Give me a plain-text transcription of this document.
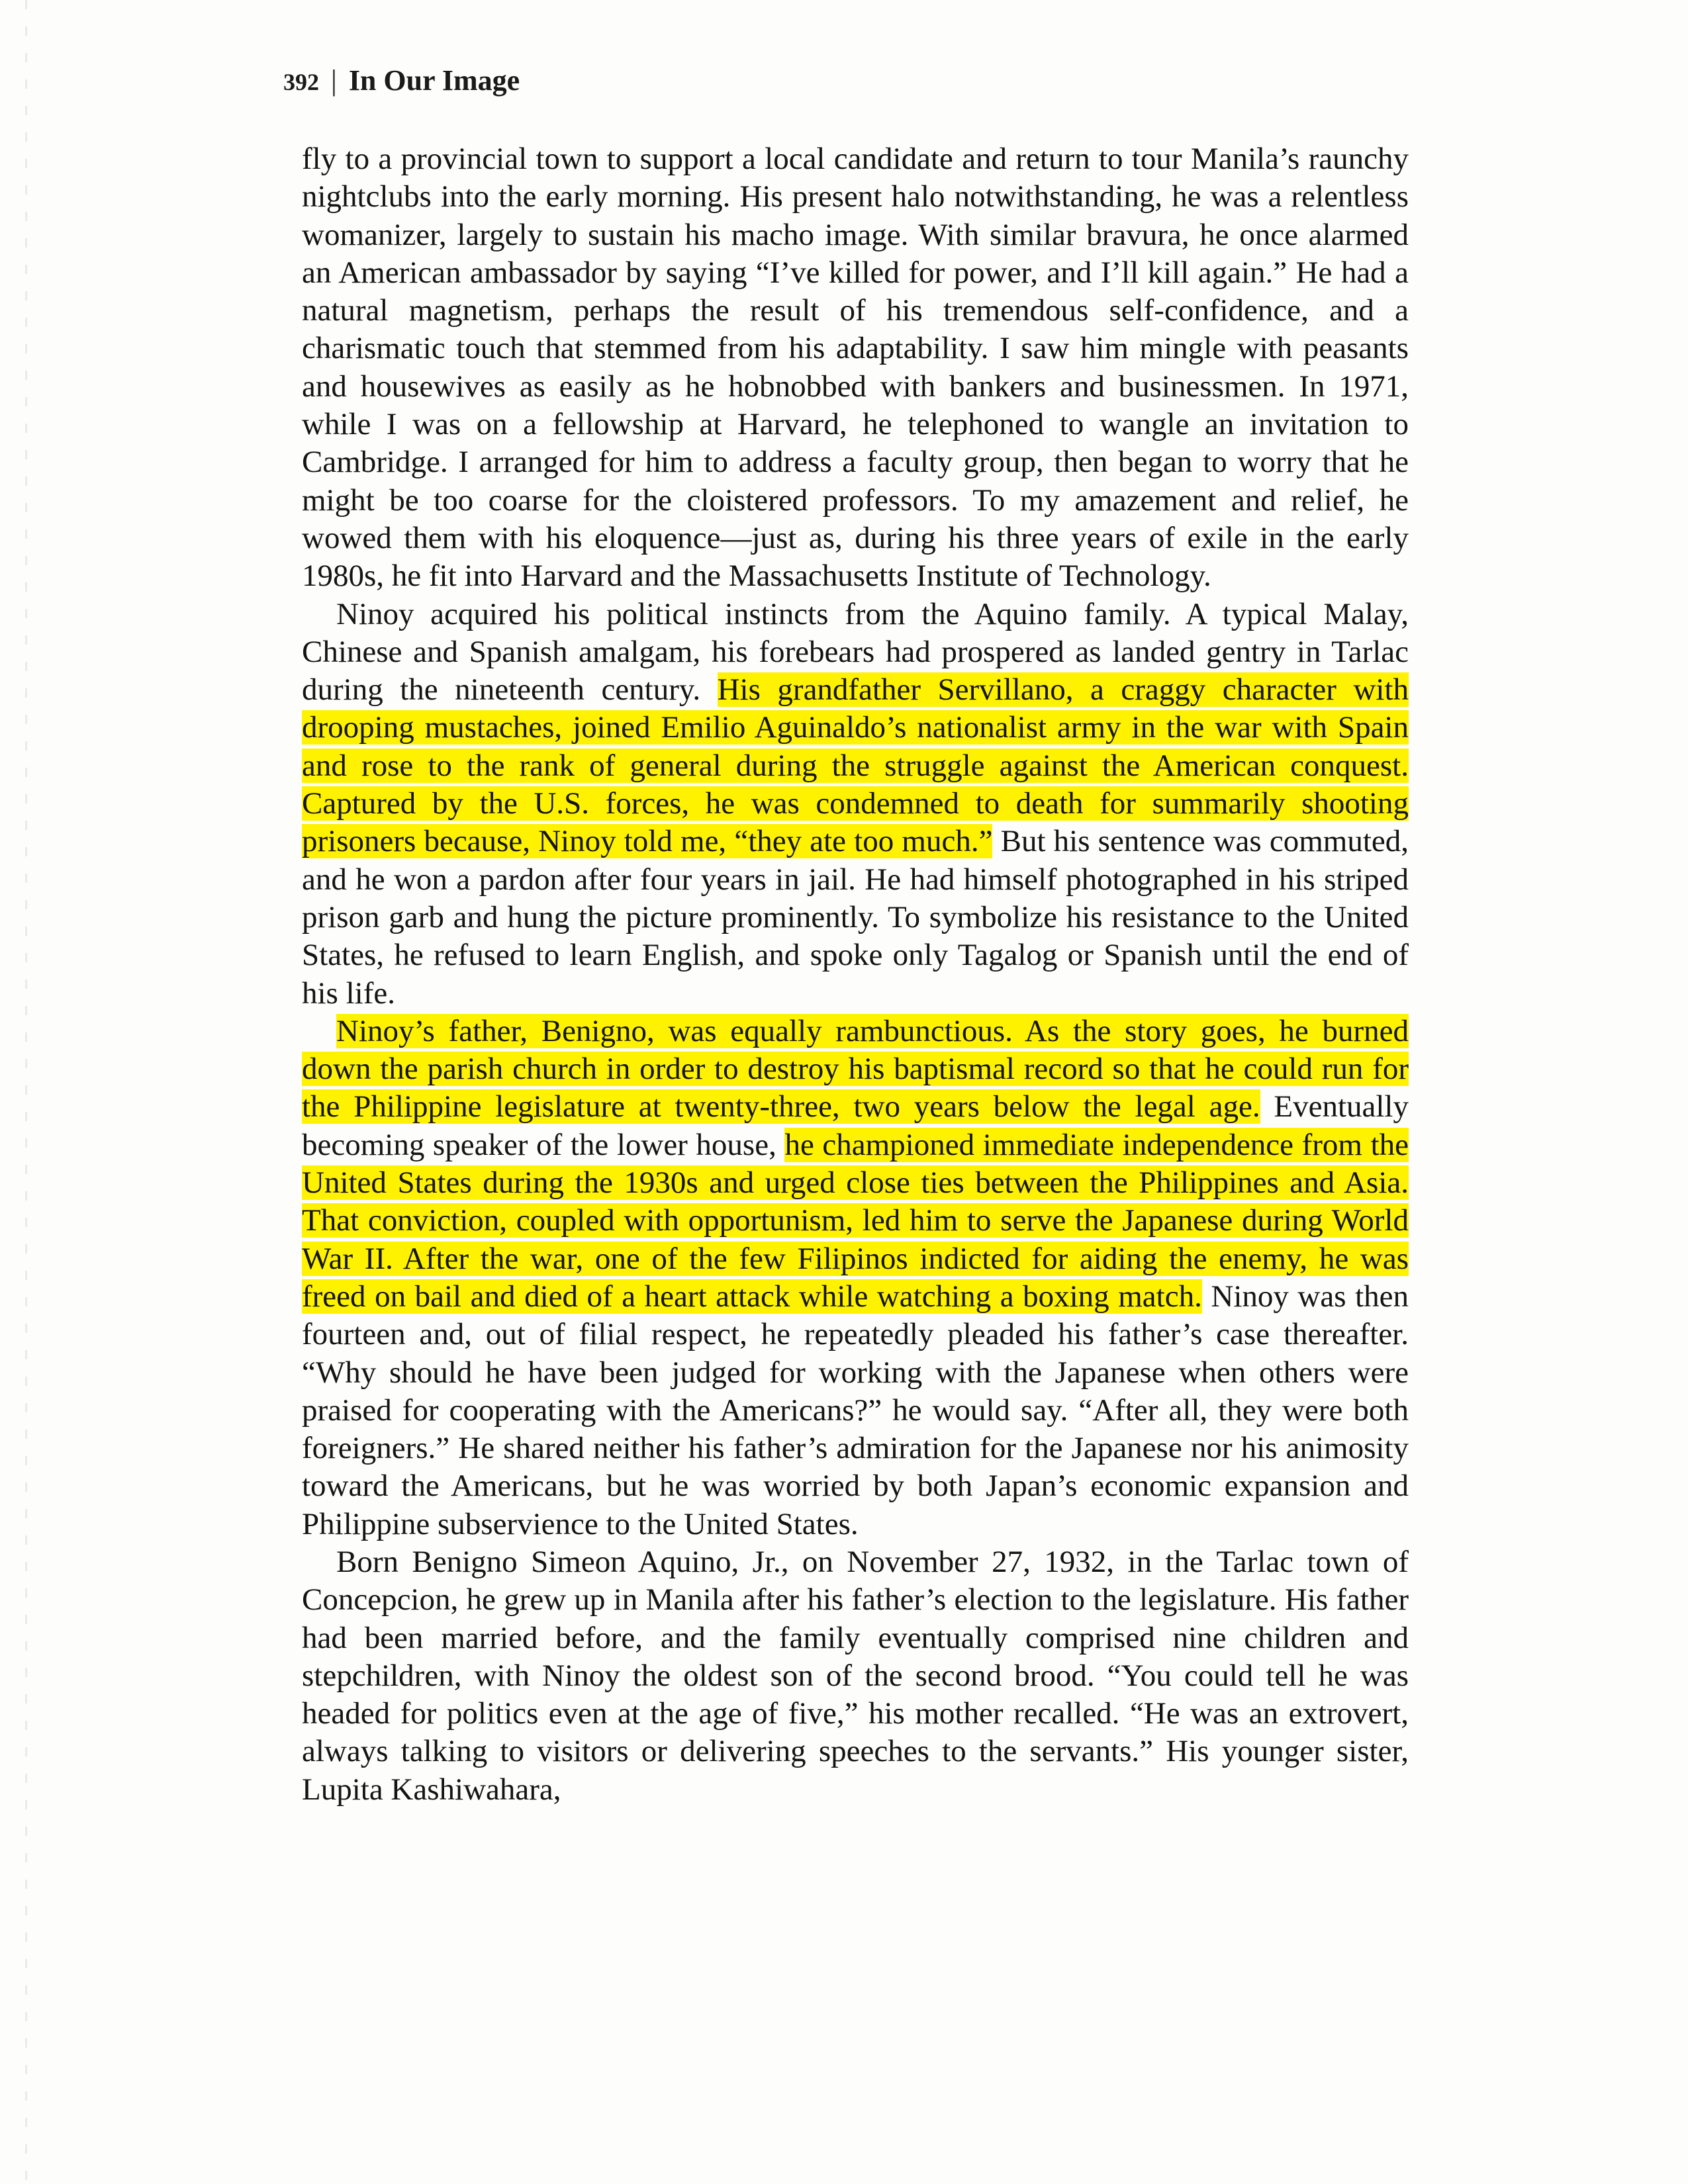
392 | In Our Image

fly to a provincial town to support a local candidate and return to tour Manila’s raunchy nightclubs into the early morning. His present halo notwithstanding, he was a relentless womanizer, largely to sustain his macho image. With similar bravura, he once alarmed an American ambassador by saying “I’ve killed for power, and I’ll kill again.” He had a natural magnetism, perhaps the result of his tremendous self-confidence, and a charismatic touch that stemmed from his adaptability. I saw him mingle with peasants and housewives as easily as he hobnobbed with bankers and businessmen. In 1971, while I was on a fellowship at Harvard, he telephoned to wangle an invitation to Cambridge. I arranged for him to address a faculty group, then began to worry that he might be too coarse for the cloistered professors. To my amazement and relief, he wowed them with his eloquence—just as, during his three years of exile in the early 1980s, he fit into Harvard and the Massachusetts Institute of Technology.

Ninoy acquired his political instincts from the Aquino family. A typical Malay, Chinese and Spanish amalgam, his forebears had prospered as landed gentry in Tarlac during the nineteenth century. His grandfather Servillano, a craggy character with drooping mustaches, joined Emilio Aguinaldo’s nationalist army in the war with Spain and rose to the rank of general during the struggle against the American conquest. Captured by the U.S. forces, he was condemned to death for summarily shooting prisoners because, Ninoy told me, “they ate too much.” But his sentence was commuted, and he won a pardon after four years in jail. He had himself photographed in his striped prison garb and hung the picture prominently. To symbolize his resistance to the United States, he refused to learn English, and spoke only Tagalog or Spanish until the end of his life.

Ninoy’s father, Benigno, was equally rambunctious. As the story goes, he burned down the parish church in order to destroy his baptismal record so that he could run for the Philippine legislature at twenty-three, two years below the legal age. Eventually becoming speaker of the lower house, he championed immediate independence from the United States during the 1930s and urged close ties between the Philippines and Asia. That conviction, coupled with opportunism, led him to serve the Japanese during World War II. After the war, one of the few Filipinos indicted for aiding the enemy, he was freed on bail and died of a heart attack while watching a boxing match. Ninoy was then fourteen and, out of filial respect, he repeatedly pleaded his father’s case thereafter. “Why should he have been judged for working with the Japanese when others were praised for cooperating with the Americans?” he would say. “After all, they were both foreigners.” He shared neither his father’s admiration for the Japanese nor his animosity toward the Americans, but he was worried by both Japan’s economic expansion and Philippine subservience to the United States.

Born Benigno Simeon Aquino, Jr., on November 27, 1932, in the Tarlac town of Concepcion, he grew up in Manila after his father’s election to the legislature. His father had been married before, and the family eventually comprised nine children and stepchildren, with Ninoy the oldest son of the second brood. “You could tell he was headed for politics even at the age of five,” his mother recalled. “He was an extrovert, always talking to visitors or delivering speeches to the servants.” His younger sister, Lupita Kashiwahara,
